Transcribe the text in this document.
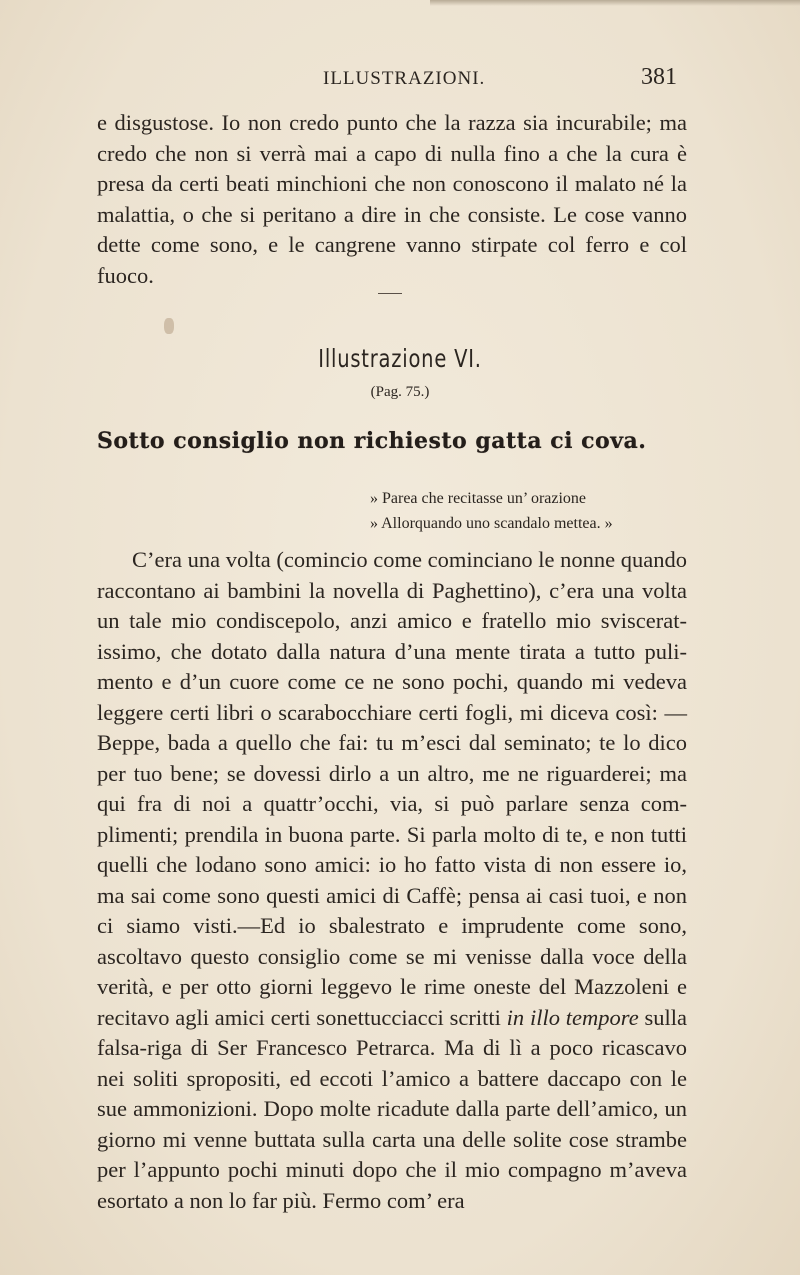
ILLUSTRAZIONI.	381

e disgustose. Io non credo punto che la razza sia incurabile; ma credo che non si verrà mai a capo di nulla fino a che la cura è presa da certi beati minchioni che non conoscono il malato né la malattia, o che si peritano a dire in che consiste. Le cose vanno dette come sono, e le cangrene vanno stirpate col ferro e col fuoco.

Illustrazione VI.
(Pag. 75.)
Sotto consiglio non richiesto gatta ci cova.
» Parea che recitasse un’ orazione
» Allorquando uno scandalo mettea. »

C’era una volta (comincio come cominciano le nonne quando raccontano ai bambini la novella di Paghettino), c’era una volta un tale mio condiscepolo, anzi amico e fratello mio svisceratissimo, che dotato dalla natura d’una mente tirata a tutto pulimento e d’un cuore come ce ne sono pochi, quando mi vedeva leggere certi libri o scarabocchiare certi fogli, mi diceva così: —Beppe, bada a quello che fai: tu m’esci dal seminato; te lo dico per tuo bene; se dovessi dirlo a un altro, me ne riguarderei; ma qui fra di noi a quattr’occhi, via, si può parlare senza complimenti; prendila in buona parte. Si parla molto di te, e non tutti quelli che lodano sono amici: io ho fatto vista di non essere io, ma sai come sono questi amici di Caffè; pensa ai casi tuoi, e non ci siamo visti.—Ed io sbalestrato e imprudente come sono, ascoltavo questo consiglio come se mi venisse dalla voce della verità, e per otto giorni leggevo le rime oneste del Mazzoleni e recitavo agli amici certi sonettucciacci scritti in illo tempore sulla falsa-riga di Ser Francesco Petrarca. Ma di lì a poco ricascavo nei soliti spropositi, ed eccoti l’amico a battere daccapo con le sue ammonizioni. Dopo molte ricadute dalla parte dell’amico, un giorno mi venne buttata sulla carta una delle solite cose strambe per l’appunto pochi minuti dopo che il mio compagno m’aveva esortato a non lo far più. Fermo com’ era
